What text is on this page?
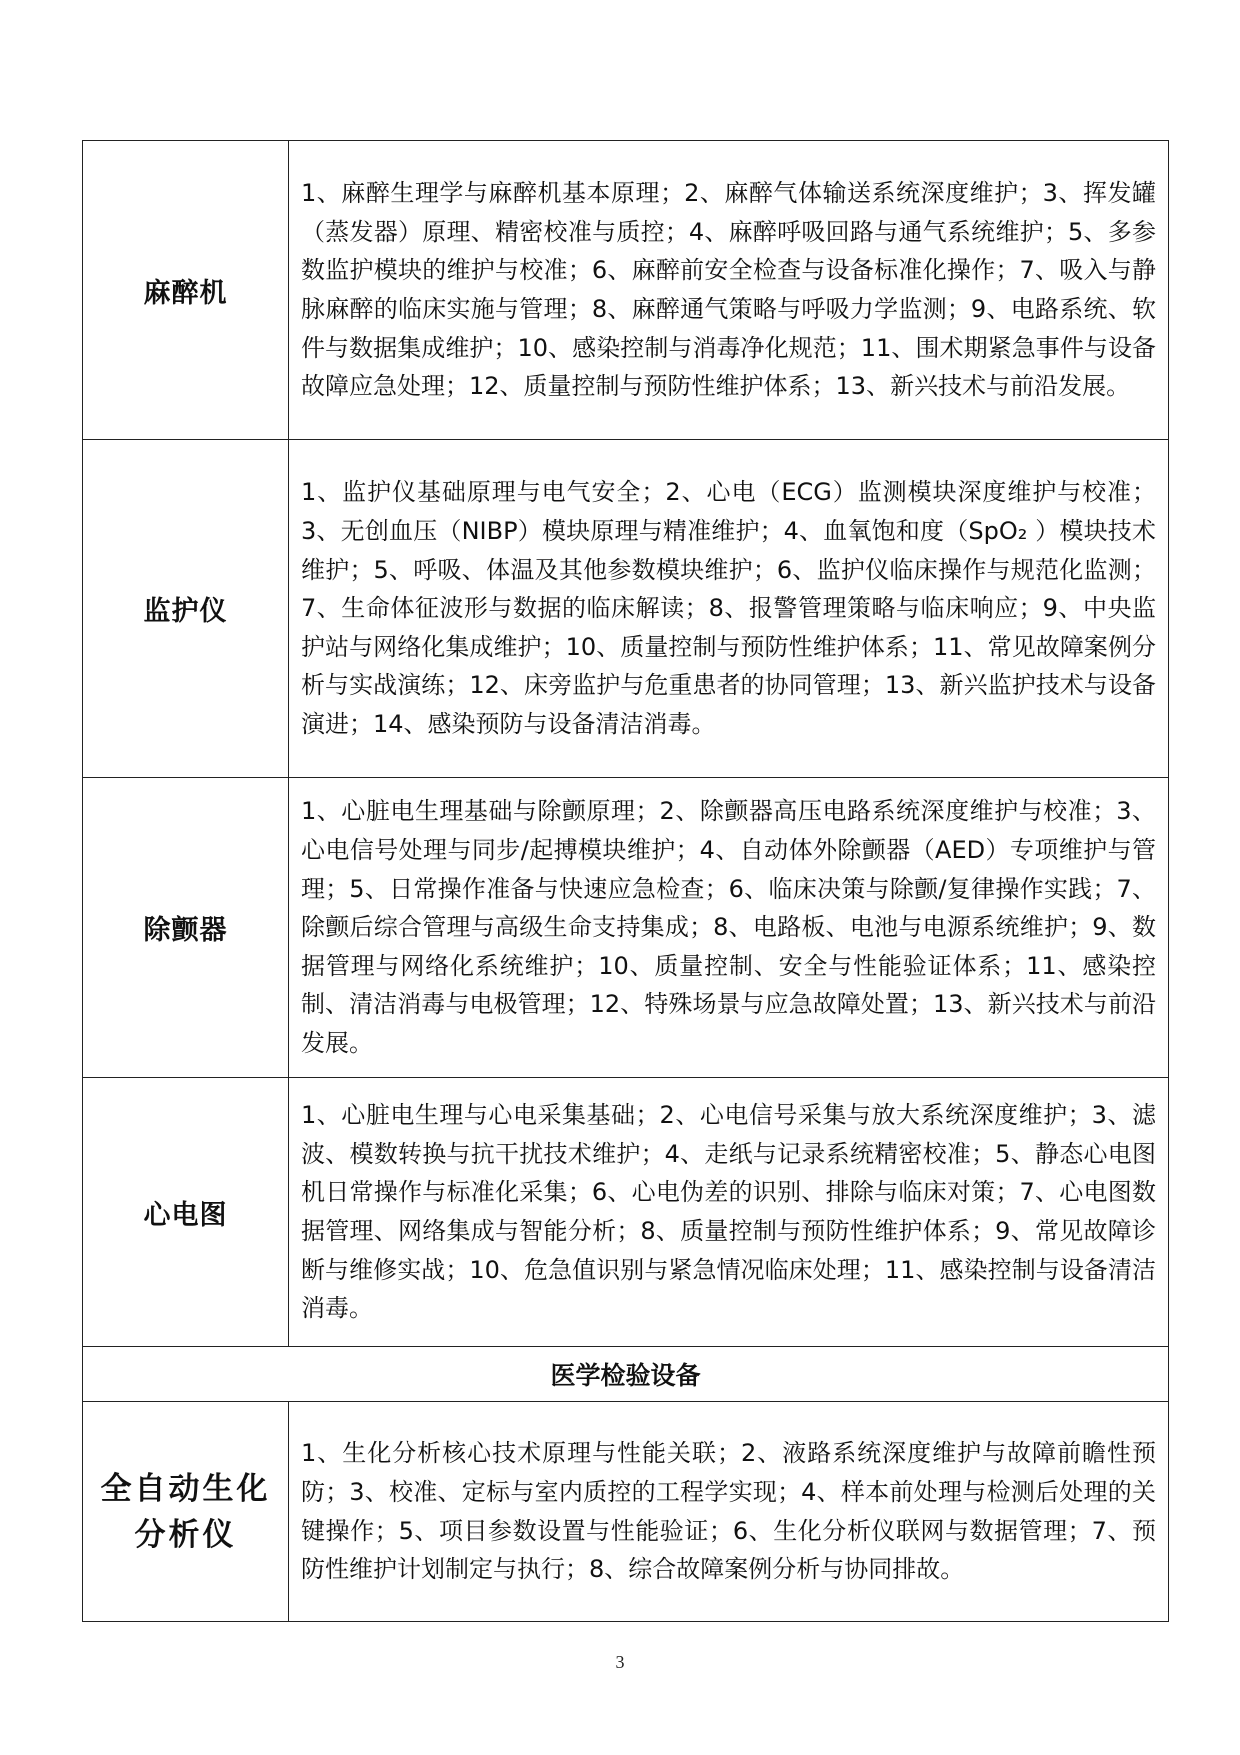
麻醉机	1、麻醉生理学与麻醉机基本原理；2、麻醉气体输送系统深度维护；3、挥发罐（蒸发器）原理、精密校准与质控；4、麻醉呼吸回路与通气系统维护；5、多参数监护模块的维护与校准；6、麻醉前安全检查与设备标准化操作；7、吸入与静脉麻醉的临床实施与管理；8、麻醉通气策略与呼吸力学监测；9、电路系统、软件与数据集成维护；10、感染控制与消毒净化规范；11、围术期紧急事件与设备故障应急处理；12、质量控制与预防性维护体系；13、新兴技术与前沿发展。
监护仪	1、监护仪基础原理与电气安全；2、心电（ECG）监测模块深度维护与校准；3、无创血压（NIBP）模块原理与精准维护；4、血氧饱和度（SpO₂ ）模块技术维护；5、呼吸、体温及其他参数模块维护；6、监护仪临床操作与规范化监测；7、生命体征波形与数据的临床解读；8、报警管理策略与临床响应；9、中央监护站与网络化集成维护；10、质量控制与预防性维护体系；11、常见故障案例分析与实战演练；12、床旁监护与危重患者的协同管理；13、新兴监护技术与设备演进；14、感染预防与设备清洁消毒。
除颤器	1、心脏电生理基础与除颤原理；2、除颤器高压电路系统深度维护与校准；3、心电信号处理与同步/起搏模块维护；4、自动体外除颤器（AED）专项维护与管理；5、日常操作准备与快速应急检查；6、临床决策与除颤/复律操作实践；7、除颤后综合管理与高级生命支持集成；8、电路板、电池与电源系统维护；9、数据管理与网络化系统维护；10、质量控制、安全与性能验证体系；11、感染控制、清洁消毒与电极管理；12、特殊场景与应急故障处置；13、新兴技术与前沿发展。
心电图	1、心脏电生理与心电采集基础；2、心电信号采集与放大系统深度维护；3、滤波、模数转换与抗干扰技术维护；4、走纸与记录系统精密校准；5、静态心电图机日常操作与标准化采集；6、心电伪差的识别、排除与临床对策；7、心电图数据管理、网络集成与智能分析；8、质量控制与预防性维护体系；9、常见故障诊断与维修实战；10、危急值识别与紧急情况临床处理；11、感染控制与设备清洁消毒。
医学检验设备	

全自动生化
分析仪	1、生化分析核心技术原理与性能关联；2、液路系统深度维护与故障前瞻性预防；3、校准、定标与室内质控的工程学实现；4、样本前处理与检测后处理的关键操作；5、项目参数设置与性能验证；6、生化分析仪联网与数据管理；7、预防性维护计划制定与执行；8、综合故障案例分析与协同排故。
3
